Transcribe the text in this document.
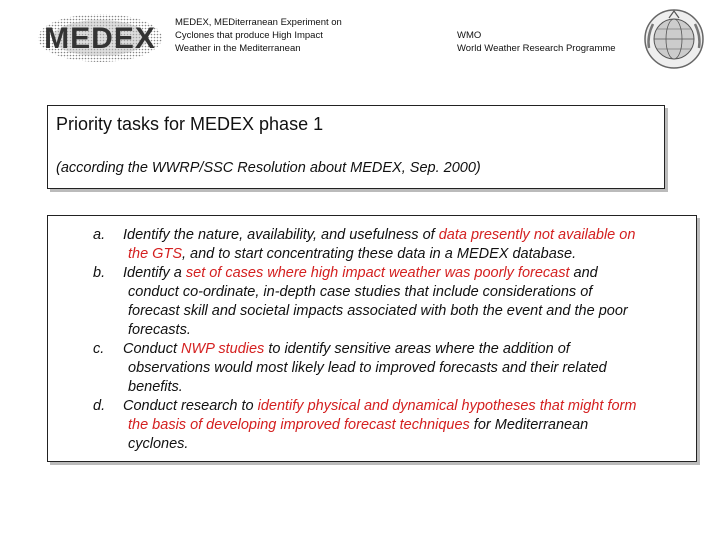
MEDEX MEDEX, MEDiterranean Experiment on
Cyclones that produce High Impact
Weather in the Mediterranean
WMO
World Weather Research Programme
Priority tasks for MEDEX phase 1
(according the WWRP/SSC Resolution about MEDEX, Sep. 2000)
a. Identify the nature, availability, and usefulness of data presently not available on
the GTS, and to start concentrating these data in a MEDEX database.
b. Identify a set of cases where high impact weather was poorly forecast and
conduct co-ordinate, in-depth case studies that include considerations of
forecast skill and societal impacts associated with both the event and the poor
forecasts.
c. Conduct NWP studies to identify sensitive areas where the addition of
observations would most likely lead to improved forecasts and their related
benefits.
d. Conduct research to identify physical and dynamical hypotheses that might form
the basis of developing improved forecast techniques for Mediterranean
cyclones.
